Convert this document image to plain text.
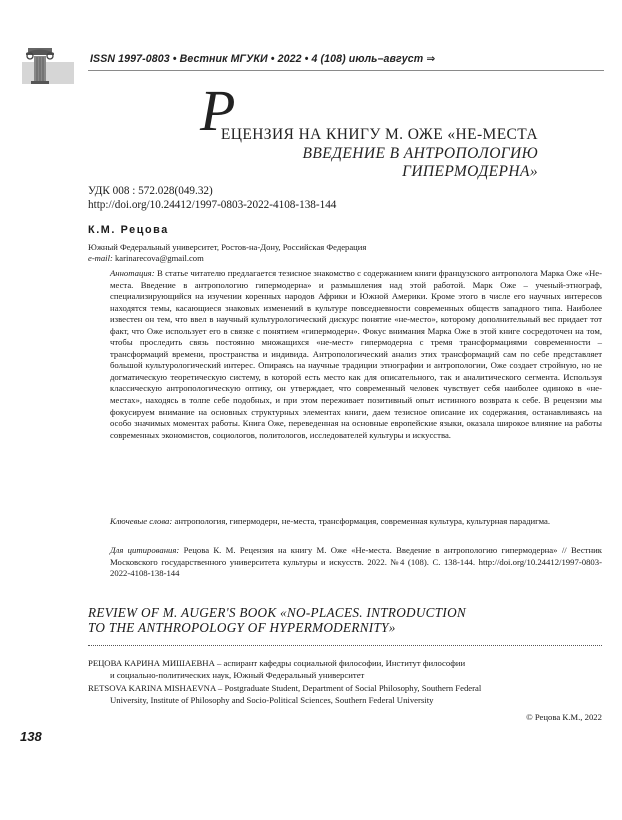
ISSN 1997-0803 • Вестник МГУКИ • 2022 • 4 (108) июль–август ⇒
Р
ЕЦЕНЗИЯ НА КНИГУ М. ОЖЕ «НЕ-МЕСТА
ВВЕДЕНИЕ В АНТРОПОЛОГИЮ
ГИПЕРМОДЕРНА»
УДК 008 : 572.028(049.32)
http://doi.org/10.24412/1997-0803-2022-4108-138-144
К.М. Рецова
Южный Федеральный университет, Ростов-на-Дону, Российская Федерация
e-mail: karinarecova@gmail.com

Аннотация: В статье читателю предлагается тезисное знакомство с содержанием книги французского антрополога Марка Оже «Не-места. Введение в антропологию гипермодерна» и размышления над этой работой. Марк Оже – ученый-этнограф, специализирующийся на изучении коренных народов Африки и Южной Америки. Кроме этого в числе его научных интересов находятся темы, касающиеся знаковых изменений в культуре повседневности современных обществ западного типа. Наиболее известен он тем, что ввел в научный культурологический дискурс понятие «не-место», которому дополнительный вес придает тот факт, что Оже использует его в связке с понятием «гипермодерн». Фокус внимания Марка Оже в этой книге сосредоточен на том, чтобы проследить связь постоянно множащихся «не-мест» гипермодерна с тремя трансформациями современности – трансформаций времени, пространства и индивида. Антропологический анализ этих трансформаций сам по себе представляет большой культурологический интерес. Опираясь на научные традиции этнографии и антропологии, Оже создает стройную, но не догматическую теоретическую систему, в которой есть место как для описательного, так и аналитического сегмента. Используя классическую антропологическую оптику, он утверждает, что современный человек чувствует себя наиболее одиноко в «не-местах», находясь в толпе себе подобных, и при этом переживает позитивный опыт истинного возврата к себе. В рецензии мы фокусируем внимание на основных структурных элементах книги, даем тезисное описание их содержания, останавливаясь на особо значимых моментах работы. Книга Оже, переведенная на основные европейские языки, оказала широкое влияние на работы современных экономистов, социологов, политологов, исследователей культуры и искусства.

Ключевые слова: антропология, гипермодерн, не-места, трансформация, современная культура, культурная парадигма.

Для цитирования: Рецова К. М. Рецензия на книгу М. Оже «Не-места. Введение в антропологию гипермодерна» // Вестник Московского государственного университета культуры и искусств. 2022. №4 (108). С. 138-144. http://doi.org/10.24412/1997-0803-2022-4108-138-144

REVIEW OF M. AUGER'S BOOK «NO-PLACES. INTRODUCTION
TO THE ANTHROPOLOGY OF HYPERMODERNITY»
РЕЦОВА КАРИНА МИШАЕВНА – аспирант кафедры социальной философии, Институт философии
и социально-политических наук, Южный Федеральный университет
RETSOVA KARINA MISHAEVNA – Postgraduate Student, Department of Social Philosophy, Southern Federal
University, Institute of Philosophy and Socio-Political Sciences, Southern Federal University
© Рецова К.М., 2022
138
